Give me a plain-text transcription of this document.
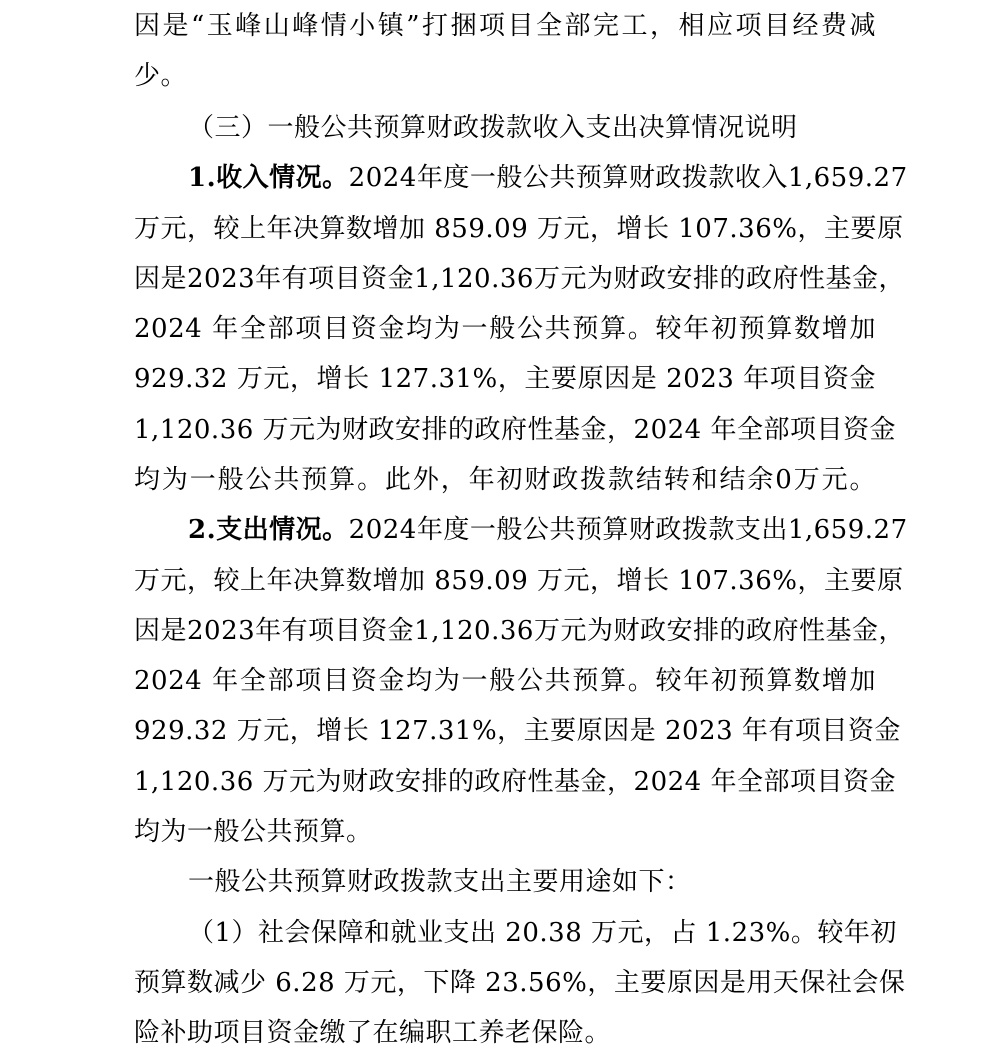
因是“玉峰山峰情小镇”打捆项目全部完工，相应项目经费减
少。
（三）一般公共预算财政拨款收入支出决算情况说明
1.收入情况。2024年度一般公共预算财政拨款收入1,659.27
万元，较上年决算数增加 859.09 万元，增长 107.36%，主要原
因是2023年有项目资金1,120.36万元为财政安排的政府性基金，
2024 年全部项目资金均为一般公共预算。较年初预算数增加
929.32 万元，增长 127.31%，主要原因是 2023 年项目资金
1,120.36 万元为财政安排的政府性基金，2024 年全部项目资金
均为一般公共预算。此外，年初财政拨款结转和结余0万元。
2.支出情况。2024年度一般公共预算财政拨款支出1,659.27
万元，较上年决算数增加 859.09 万元，增长 107.36%，主要原
因是2023年有项目资金1,120.36万元为财政安排的政府性基金，
2024 年全部项目资金均为一般公共预算。较年初预算数增加
929.32 万元，增长 127.31%，主要原因是 2023 年有项目资金
1,120.36 万元为财政安排的政府性基金，2024 年全部项目资金
均为一般公共预算。
一般公共预算财政拨款支出主要用途如下：
（1）社会保障和就业支出 20.38 万元，占 1.23%。较年初
预算数减少 6.28 万元，下降 23.56%，主要原因是用天保社会保
险补助项目资金缴了在编职工养老保险。
